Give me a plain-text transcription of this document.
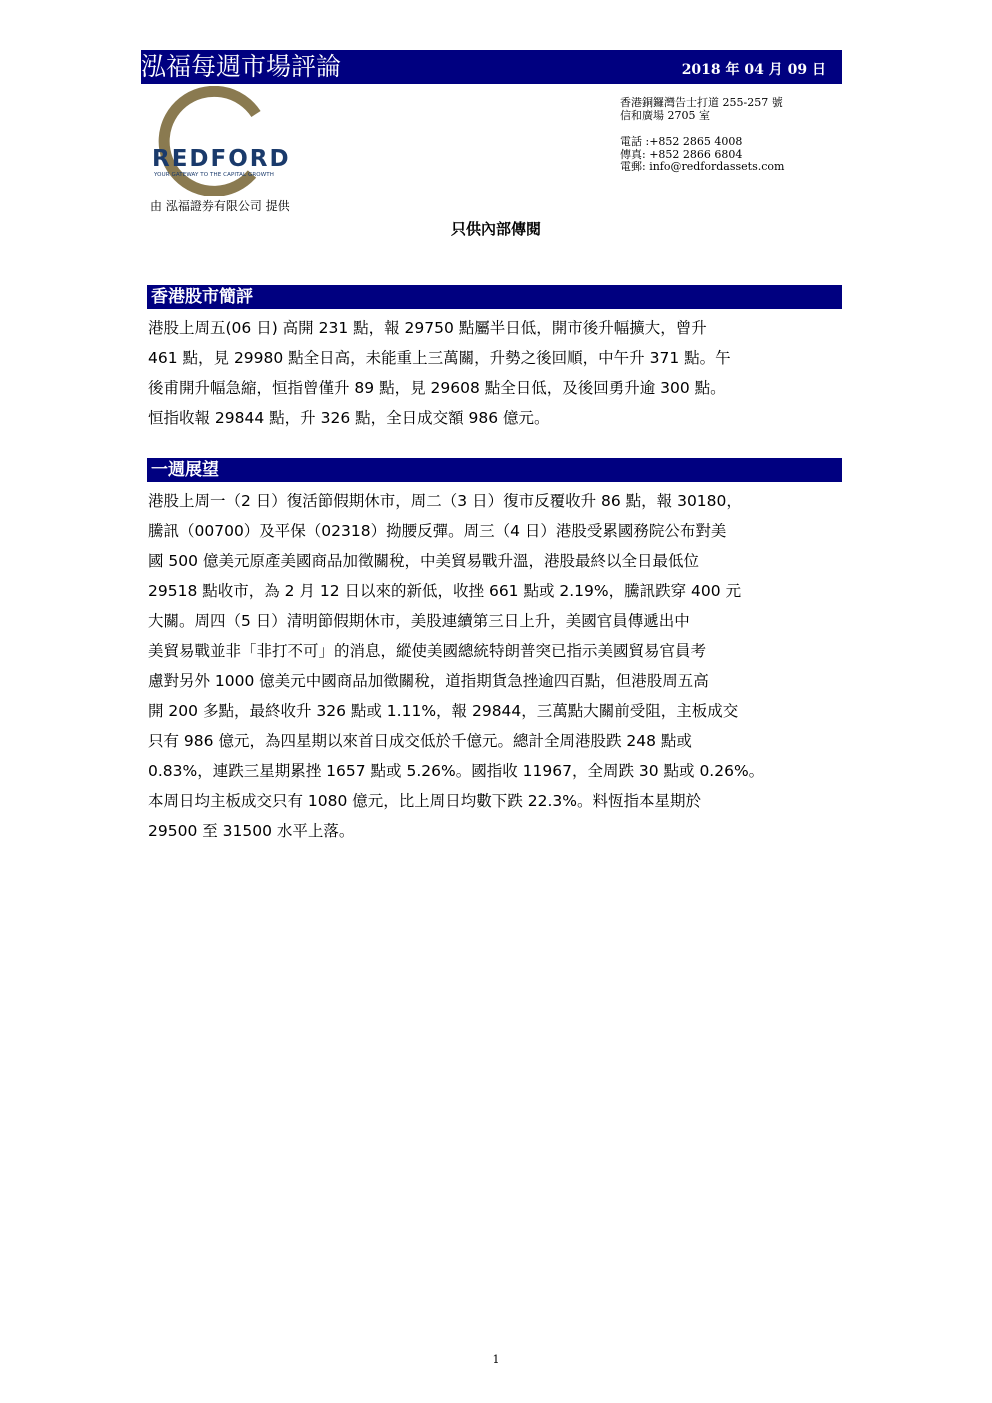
泓福每週市場評論	2018 年 04 月 09 日
REDFORD
YOUR GATEWAY TO THE CAPITAL GROWTH
香港銅鑼灣告士打道 255-257 號
信和廣場 2705 室
電話 :+852 2865 4008
傳真: +852 2866 6804
電郵: info@redfordassets.com
由 泓福證券有限公司 提供
只供內部傳閱
香港股市簡評
港股上周五(06 日) 高開 231 點，報 29750 點屬半日低，開市後升幅擴大，曾升
461 點，見 29980 點全日高，未能重上三萬關，升勢之後回順，中午升 371 點。午
後甫開升幅急縮，恒指曾僅升 89 點，見 29608 點全日低，及後回勇升逾 300 點。
恒指收報 29844 點，升 326 點，全日成交額 986 億元。
一週展望
港股上周一（2 日）復活節假期休市，周二（3 日）復市反覆收升 86 點，報 30180，
騰訊（00700）及平保（02318）拗腰反彈。周三（4 日）港股受累國務院公布對美
國 500 億美元原產美國商品加徵關稅，中美貿易戰升溫，港股最終以全日最低位
29518 點收市，為 2 月 12 日以來的新低，收挫 661 點或 2.19%，騰訊跌穿 400 元
大關。周四（5 日）清明節假期休市，美股連續第三日上升，美國官員傳遞出中
美貿易戰並非「非打不可」的消息，縱使美國總統特朗普突已指示美國貿易官員考
慮對另外 1000 億美元中國商品加徵關稅，道指期貨急挫逾四百點，但港股周五高
開 200 多點，最終收升 326 點或 1.11%，報 29844，三萬點大關前受阻，主板成交
只有 986 億元，為四星期以來首日成交低於千億元。總計全周港股跌 248 點或
0.83%，連跌三星期累挫 1657 點或 5.26%。國指收 11967，全周跌 30 點或 0.26%。
本周日均主板成交只有 1080 億元，比上周日均數下跌 22.3%。料恆指本星期於
29500 至 31500 水平上落。
1
